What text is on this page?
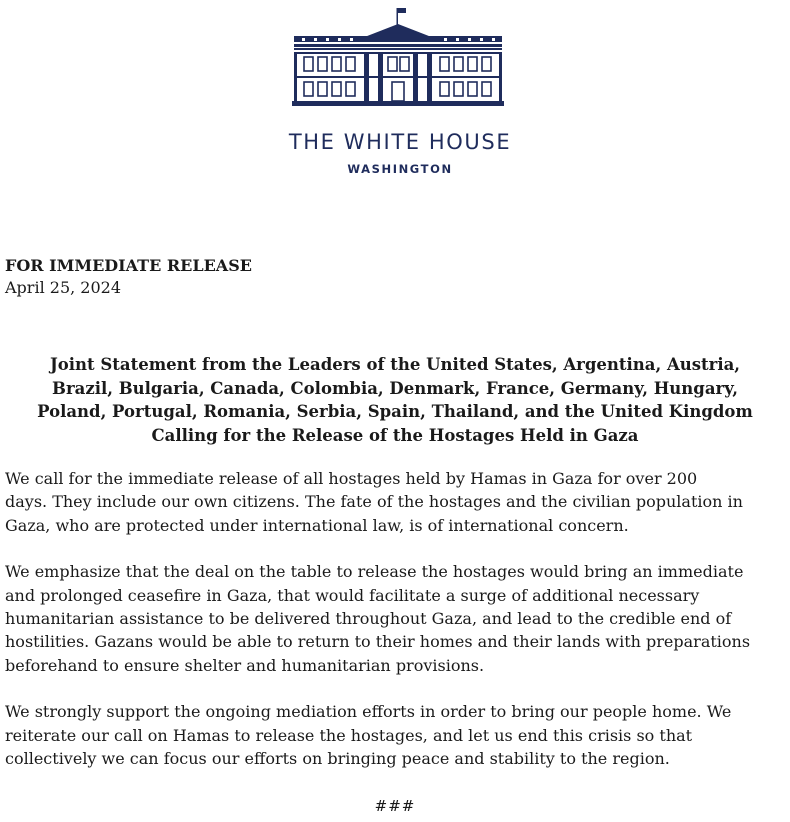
THE WHITE HOUSE
WASHINGTON
FOR IMMEDIATE RELEASE
April 25, 2024
Joint Statement from the Leaders of the United States, Argentina, Austria,
Brazil, Bulgaria, Canada, Colombia, Denmark, France, Germany, Hungary,
Poland, Portugal, Romania, Serbia, Spain, Thailand, and the United Kingdom
Calling for the Release of the Hostages Held in Gaza

We call for the immediate release of all hostages held by Hamas in Gaza for over 200
days. They include our own citizens. The fate of the hostages and the civilian population in
Gaza, who are protected under international law, is of international concern.

We emphasize that the deal on the table to release the hostages would bring an immediate
and prolonged ceasefire in Gaza, that would facilitate a surge of additional necessary
humanitarian assistance to be delivered throughout Gaza, and lead to the credible end of
hostilities. Gazans would be able to return to their homes and their lands with preparations
beforehand to ensure shelter and humanitarian provisions.

We strongly support the ongoing mediation efforts in order to bring our people home. We
reiterate our call on Hamas to release the hostages, and let us end this crisis so that
collectively we can focus our efforts on bringing peace and stability to the region.

###
